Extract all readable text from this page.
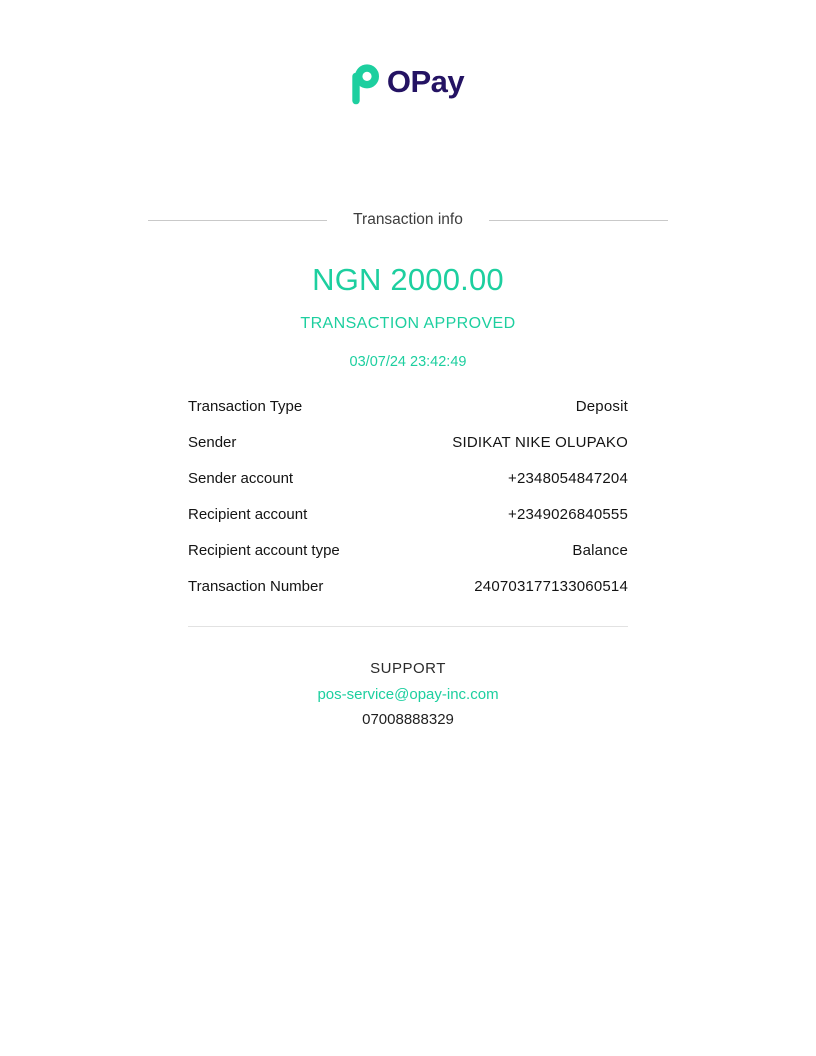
OPay
Transaction info
NGN 2000.00
TRANSACTION APPROVED
03/07/24 23:42:49
Transaction Type	Deposit
Sender	SIDIKAT NIKE OLUPAKO
Sender account	+2348054847204
Recipient account	+2349026840555
Recipient account type	Balance
Transaction Number	240703177133060514
SUPPORT
pos-service@opay-inc.com
07008888329
